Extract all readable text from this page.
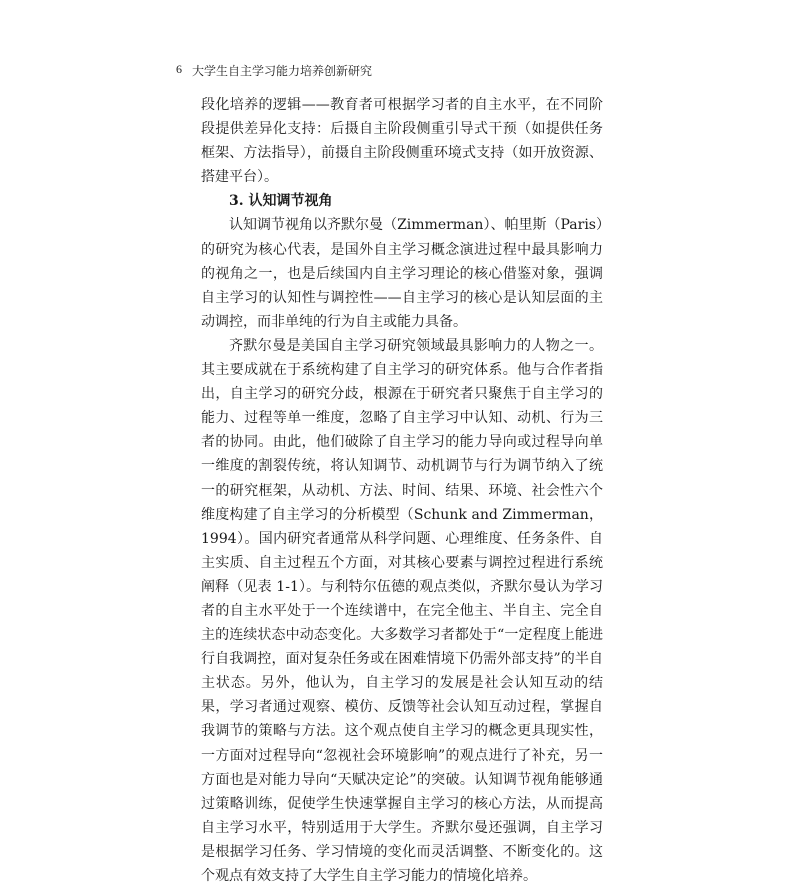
6 大学生自主学习能力培养创新研究

段化培养的逻辑——教育者可根据学习者的自主水平，在不同阶段提供差异化支持：后摄自主阶段侧重引导式干预（如提供任务框架、方法指导），前摄自主阶段侧重环境式支持（如开放资源、搭建平台）。

3. 认知调节视角

认知调节视角以齐默尔曼（Zimmerman）、帕里斯（Paris）的研究为核心代表，是国外自主学习概念演进过程中最具影响力的视角之一，也是后续国内自主学习理论的核心借鉴对象，强调自主学习的认知性与调控性——自主学习的核心是认知层面的主动调控，而非单纯的行为自主或能力具备。

齐默尔曼是美国自主学习研究领域最具影响力的人物之一。其主要成就在于系统构建了自主学习的研究体系。他与合作者指出，自主学习的研究分歧，根源在于研究者只聚焦于自主学习的能力、过程等单一维度，忽略了自主学习中认知、动机、行为三者的协同。由此，他们破除了自主学习的能力导向或过程导向单一维度的割裂传统，将认知调节、动机调节与行为调节纳入了统一的研究框架，从动机、方法、时间、结果、环境、社会性六个维度构建了自主学习的分析模型（Schunk and Zimmerman，1994）。国内研究者通常从科学问题、心理维度、任务条件、自主实质、自主过程五个方面，对其核心要素与调控过程进行系统阐释（见表 1-1）。与利特尔伍德的观点类似，齐默尔曼认为学习者的自主水平处于一个连续谱中，在完全他主、半自主、完全自主的连续状态中动态变化。大多数学习者都处于“一定程度上能进行自我调控，面对复杂任务或在困难情境下仍需外部支持”的半自主状态。另外，他认为，自主学习的发展是社会认知互动的结果，学习者通过观察、模仿、反馈等社会认知互动过程，掌握自我调节的策略与方法。这个观点使自主学习的概念更具现实性，一方面对过程导向“忽视社会环境影响”的观点进行了补充，另一方面也是对能力导向“天赋决定论”的突破。认知调节视角能够通过策略训练，促使学生快速掌握自主学习的核心方法，从而提高自主学习水平，特别适用于大学生。齐默尔曼还强调，自主学习是根据学习任务、学习情境的变化而灵活调整、不断变化的。这个观点有效支持了大学生自主学习能力的情境化培养。
